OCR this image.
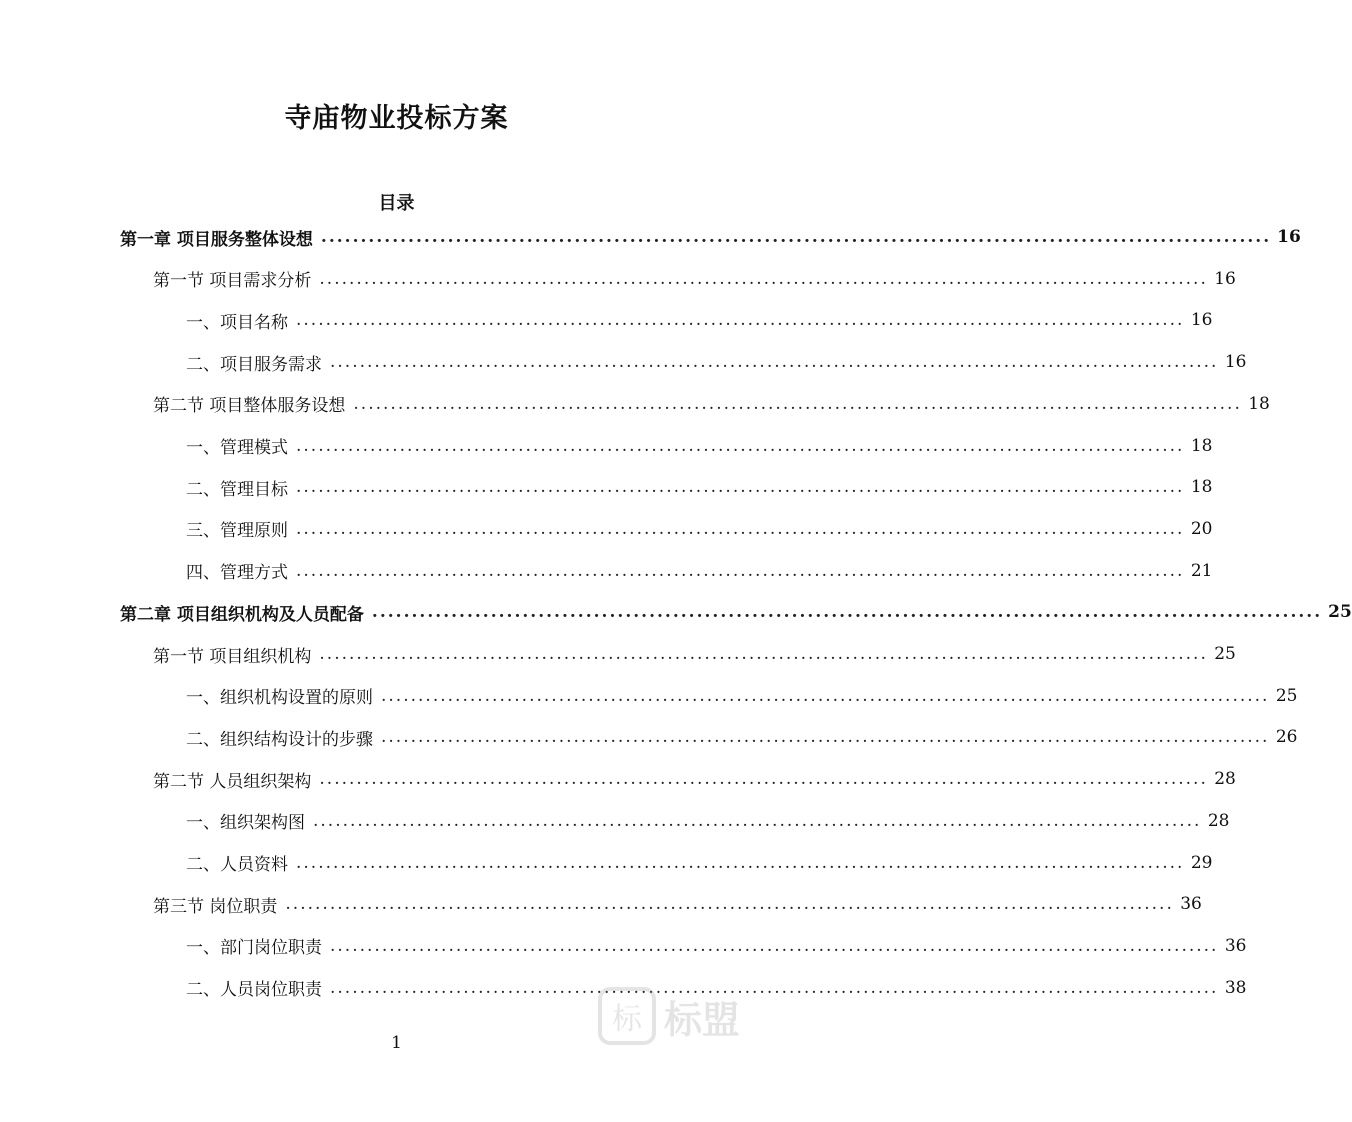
寺庙物业投标方案
目录
第一章 项目服务整体设想 ........................................................................................................................ 16
第一节 项目需求分析 ........................................................................................................................ 16
一、项目名称 ........................................................................................................................ 16
二、项目服务需求 ........................................................................................................................ 16
第二节 项目整体服务设想 ........................................................................................................................ 18
一、管理模式 ........................................................................................................................ 18
二、管理目标 ........................................................................................................................ 18
三、管理原则 ........................................................................................................................ 20
四、管理方式 ........................................................................................................................ 21
第二章 项目组织机构及人员配备 ........................................................................................................................ 25
第一节 项目组织机构 ........................................................................................................................ 25
一、组织机构设置的原则 ........................................................................................................................ 25
二、组织结构设计的步骤 ........................................................................................................................ 26
第二节 人员组织架构 ........................................................................................................................ 28
一、组织架构图 ........................................................................................................................ 28
二、人员资料 ........................................................................................................................ 29
第三节 岗位职责 ........................................................................................................................ 36
一、部门岗位职责 ........................................................................................................................ 36
二、人员岗位职责 ........................................................................................................................ 38
1
标 标盟
